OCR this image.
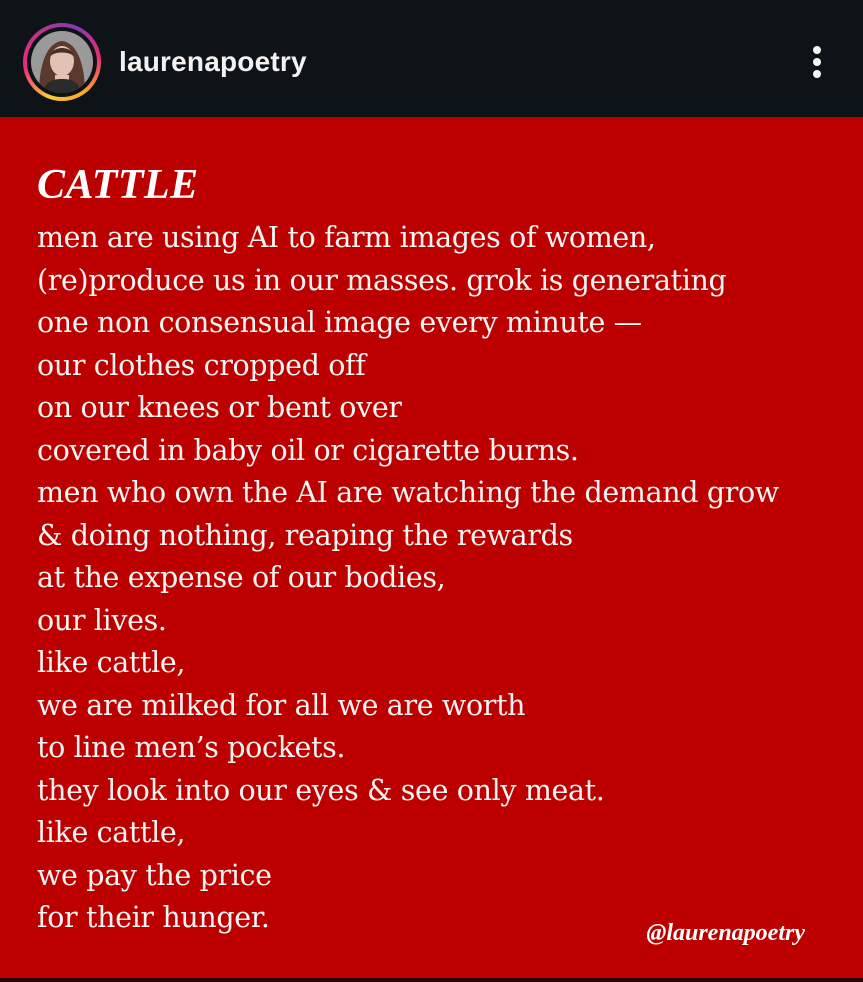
laurenapoetry
CATTLE
men are using AI to farm images of women,
(re)produce us in our masses. grok is generating
one non consensual image every minute —
our clothes cropped off
on our knees or bent over
covered in baby oil or cigarette burns.
men who own the AI are watching the demand grow
& doing nothing, reaping the rewards
at the expense of our bodies,
our lives.
like cattle,
we are milked for all we are worth
to line men’s pockets.
they look into our eyes & see only meat.
like cattle,
we pay the price
for their hunger.	@laurenapoetry
